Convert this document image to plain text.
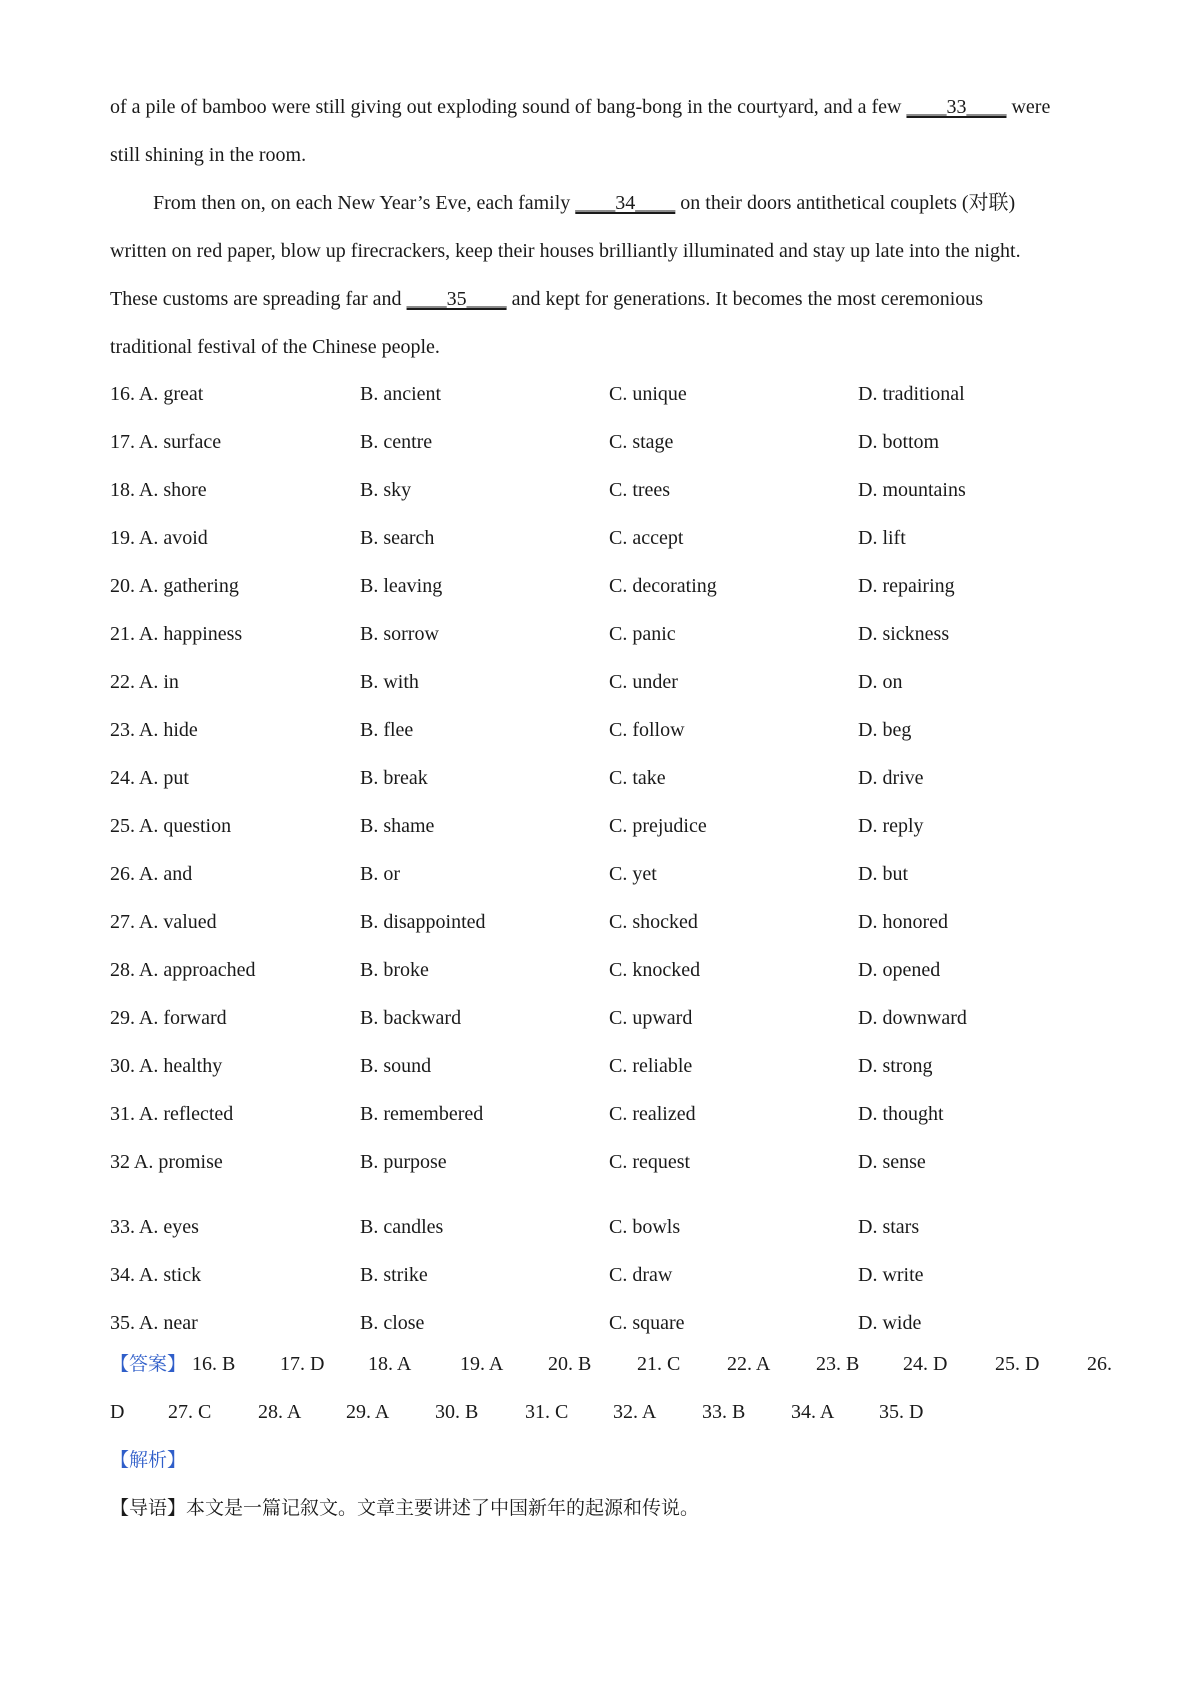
of a pile of bamboo were still giving out exploding sound of bang-bong in the courtyard, and a few ____33____ were
still shining in the room.
From then on, on each New Year’s Eve, each family ____34____ on their doors antithetical couplets (对联)
written on red paper, blow up firecrackers, keep their houses brilliantly illuminated and stay up late into the night.
These customs are spreading far and ____35____ and kept for generations. It becomes the most ceremonious
traditional festival of the Chinese people.
16. A. great	B. ancient	C. unique	D. traditional
17. A. surface	B. centre	C. stage	D. bottom
18. A. shore	B. sky	C. trees	D. mountains
19. A. avoid	B. search	C. accept	D. lift
20. A. gathering	B. leaving	C. decorating	D. repairing
21. A. happiness	B. sorrow	C. panic	D. sickness
22. A. in	B. with	C. under	D. on
23. A. hide	B. flee	C. follow	D. beg
24. A. put	B. break	C. take	D. drive
25. A. question	B. shame	C. prejudice	D. reply
26. A. and	B. or	C. yet	D. but
27. A. valued	B. disappointed	C. shocked	D. honored
28. A. approached	B. broke	C. knocked	D. opened
29. A. forward	B. backward	C. upward	D. downward
30. A. healthy	B. sound	C. reliable	D. strong
31. A. reflected	B. remembered	C. realized	D. thought
32 A. promise	B. purpose	C. request	D. sense
33. A. eyes	B. candles	C. bowls	D. stars
34. A. stick	B. strike	C. draw	D. write
35. A. near	B. close	C. square	D. wide
【答案】 16. B 17. D 18. A 19. A 20. B 21. C 22. A 23. B 24. D 25. D 26.
D 27. C 28. A 29. A 30. B 31. C 32. A 33. B 34. A 35. D
【解析】
【导语】本文是一篇记叙文。文章主要讲述了中国新年的起源和传说。
